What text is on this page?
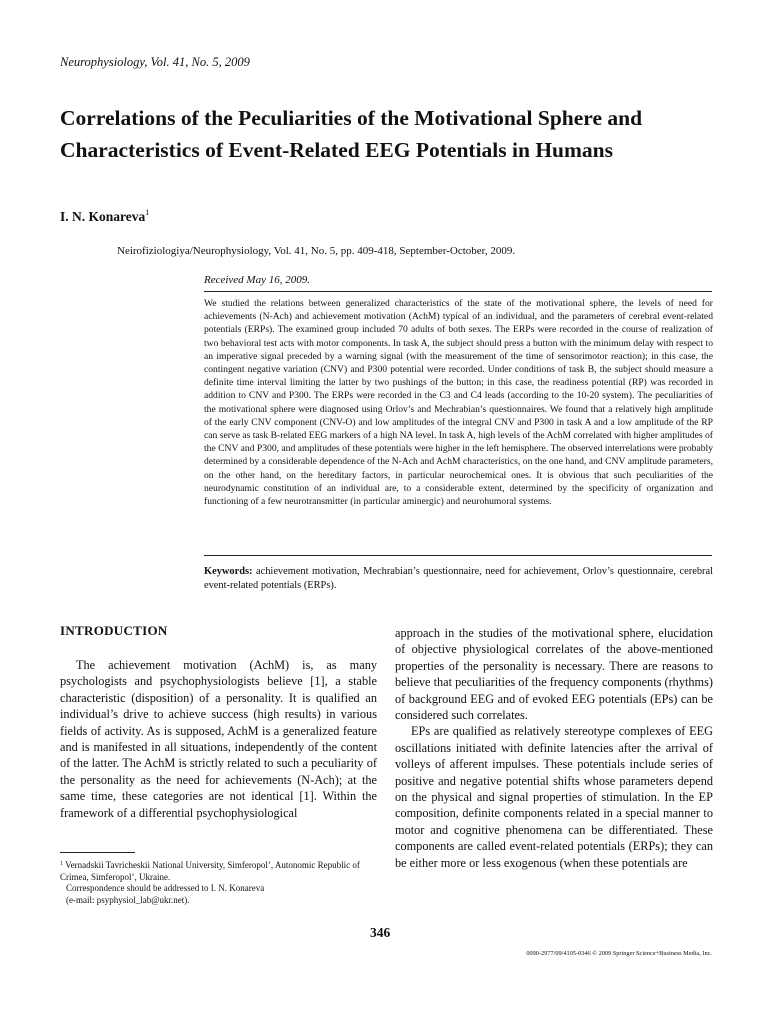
Neurophysiology, Vol. 41, No. 5, 2009
Correlations of the Peculiarities of the Motivational Sphere and Characteristics of Event-Related EEG Potentials in Humans
I. N. Konareva$^1$
Neirofiziologiya/Neurophysiology, Vol. 41, No. 5, pp. 409-418, September-October, 2009.
Received May 16, 2009.
We studied the relations between generalized characteristics of the state of the motivational sphere, the levels of need for achievements (N-Ach) and achievement motivation (AchM) typical of an individual, and the parameters of cerebral event-related potentials (ERPs). The examined group included 70 adults of both sexes. The ERPs were recorded in the course of realization of two behavioral test acts with motor components. In task A, the subject should press a button with the minimum delay with respect to an imperative signal preceded by a warning signal (with the measurement of the time of sensorimotor reaction); in this case, the contingent negative variation (CNV) and P300 potential were recorded. Under conditions of task B, the subject should measure a definite time interval limiting the latter by two pushings of the button; in this case, the readiness potential (RP) was recorded in addition to CNV and P300. The ERPs were recorded in the C3 and C4 leads (according to the 10-20 system). The peculiarities of the motivational sphere were diagnosed using Orlov’s and Mechrabian’s questionnaires. We found that a relatively high amplitude of the early CNV component (CNV-O) and low amplitudes of the integral CNV and P300 in task A and a low amplitude of the RP can serve as task B-related EEG markers of a high NA level. In task A, high levels of the AchM correlated with higher amplitudes of the CNV and P300, and amplitudes of these potentials were higher in the left hemisphere. The observed interrelations were probably determined by a considerable dependence of the N-Ach and AchM characteristics, on the one hand, and CNV amplitude parameters, on the other hand, on the hereditary factors, in particular neurochemical ones. It is obvious that such peculiarities of the neurodynamic constitution of an individual are, to a considerable extent, determined by the specificity of organization and functioning of a few neurotransmitter (in particular aminergic) and neurohumoral systems.
Keywords: achievement motivation, Mechrabian’s questionnaire, need for achievement, Orlov’s questionnaire, cerebral event-related potentials (ERPs).
INTRODUCTION

The achievement motivation (AchM) is, as many psychologists and psychophysiologists believe [1], a stable characteristic (disposition) of a personality. It is qualified an individual’s drive to achieve success (high results) in various fields of activity. As is supposed, AchM is a generalized feature and is manifested in all situations, independently of the content of the latter. The AchM is strictly related to such a peculiarity of the personality as the need for achievements (N-Ach); at the same time, these categories are not identical [1]. Within the framework of a differential psychophysiological

approach in the studies of the motivational sphere, elucidation of objective physiological correlates of the above-mentioned properties of the personality is necessary. There are reasons to believe that peculiarities of the frequency components (rhythms) of background EEG and of evoked EEG potentials (EPs) can be considered such correlates.

EPs are qualified as relatively stereotype complexes of EEG oscillations initiated with definite latencies after the arrival of volleys of afferent impulses. These potentials include series of positive and negative potential shifts whose parameters depend on the physical and signal properties of stimulation. In the EP composition, definite components related in a special manner to motor and cognitive phenomena can be differentiated. These components are called event-related potentials (ERPs); they can be either more or less exogenous (when these potentials are

$^1$ Vernadskii Tavricheskii National University, Simferopol’, Autonomic Republic of Crimea, Simferopol’, Ukraine.
Correspondence should be addressed to I. N. Konareva
(e-mail: psyphysiol_lab@ukr.net).
346
0090-2977/09/4105-0346 © 2009 Springer Science+Business Media, Inc.
